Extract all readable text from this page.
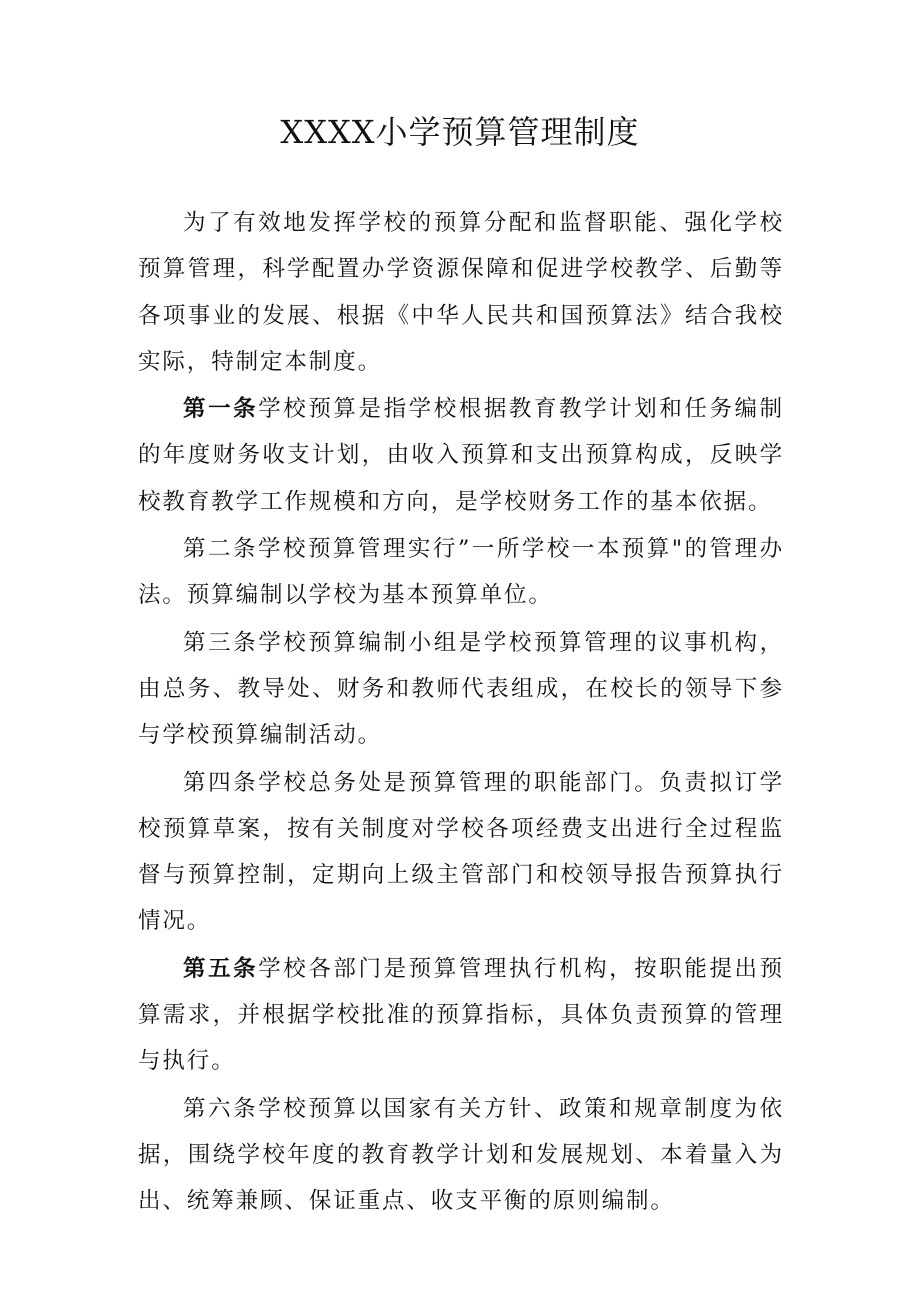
XXXX小学预算管理制度

为了有效地发挥学校的预算分配和监督职能、强化学校预算管理，科学配置办学资源保障和促进学校教学、后勤等各项事业的发展、根据《中华人民共和国预算法》结合我校实际，特制定本制度。

第一条学校预算是指学校根据教育教学计划和任务编制的年度财务收支计划，由收入预算和支出预算构成，反映学校教育教学工作规模和方向，是学校财务工作的基本依据。

第二条学校预算管理实行”一所学校一本预算"的管理办法。预算编制以学校为基本预算单位。

第三条学校预算编制小组是学校预算管理的议事机构，由总务、教导处、财务和教师代表组成，在校长的领导下参与学校预算编制活动。

第四条学校总务处是预算管理的职能部门。负责拟订学校预算草案，按有关制度对学校各项经费支出进行全过程监督与预算控制，定期向上级主管部门和校领导报告预算执行情况。

第五条学校各部门是预算管理执行机构，按职能提出预算需求，并根据学校批准的预算指标，具体负责预算的管理与执行。

第六条学校预算以国家有关方针、政策和规章制度为依据，围绕学校年度的教育教学计划和发展规划、本着量入为出、统筹兼顾、保证重点、收支平衡的原则编制。
